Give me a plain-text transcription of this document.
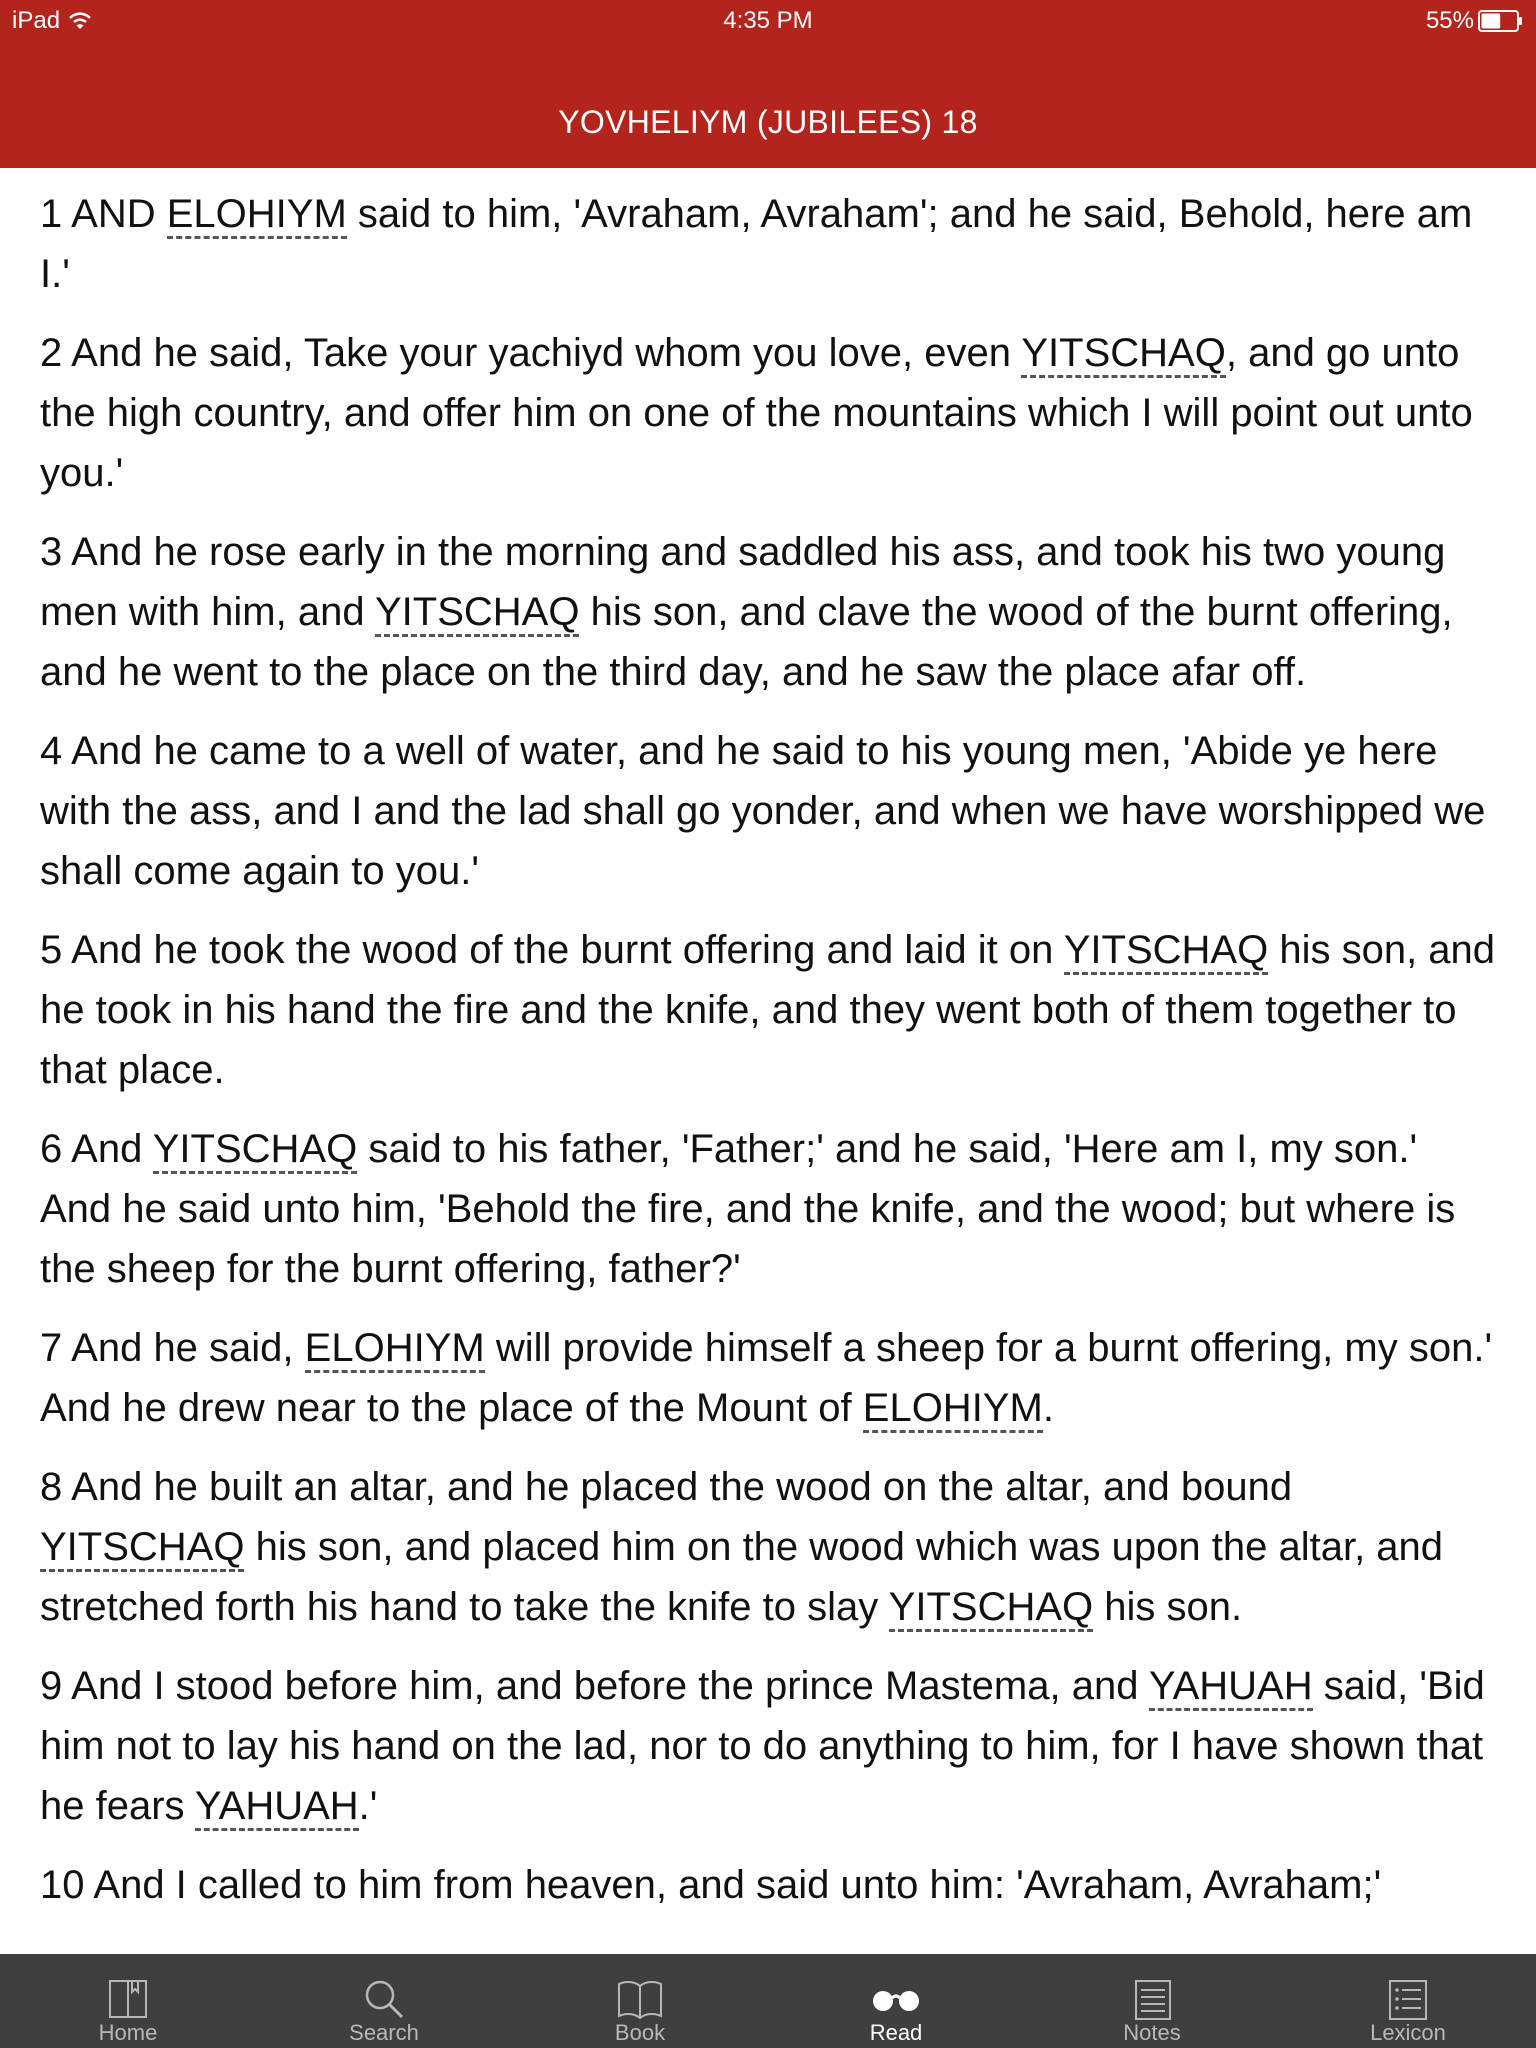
iPad	4:35 PM	55%
YOVHELIYM (JUBILEES) 18

1 AND ELOHIYM said to him, 'Avraham, Avraham'; and he said, Behold, here am I.'

2 And he said, Take your yachiyd whom you love, even YITSCHAQ, and go unto the high country, and offer him on one of the mountains which I will point out unto you.'

3 And he rose early in the morning and saddled his ass, and took his two young men with him, and YITSCHAQ his son, and clave the wood of the burnt offering, and he went to the place on the third day, and he saw the place afar off.

4 And he came to a well of water, and he said to his young men, 'Abide ye here with the ass, and I and the lad shall go yonder, and when we have worshipped we shall come again to you.'

5 And he took the wood of the burnt offering and laid it on YITSCHAQ his son, and he took in his hand the fire and the knife, and they went both of them together to that place.

6 And YITSCHAQ said to his father, 'Father;' and he said, 'Here am I, my son.' And he said unto him, 'Behold the fire, and the knife, and the wood; but where is the sheep for the burnt offering, father?'

7 And he said, ELOHIYM will provide himself a sheep for a burnt offering, my son.' And he drew near to the place of the Mount of ELOHIYM.

8 And he built an altar, and he placed the wood on the altar, and bound YITSCHAQ his son, and placed him on the wood which was upon the altar, and stretched forth his hand to take the knife to slay YITSCHAQ his son.

9 And I stood before him, and before the prince Mastema, and YAHUAH said, 'Bid him not to lay his hand on the lad, nor to do anything to him, for I have shown that he fears YAHUAH.'

10 And I called to him from heaven, and said unto him: 'Avraham, Avraham;'

Home	Search	Book	Read	Notes	Lexicon
